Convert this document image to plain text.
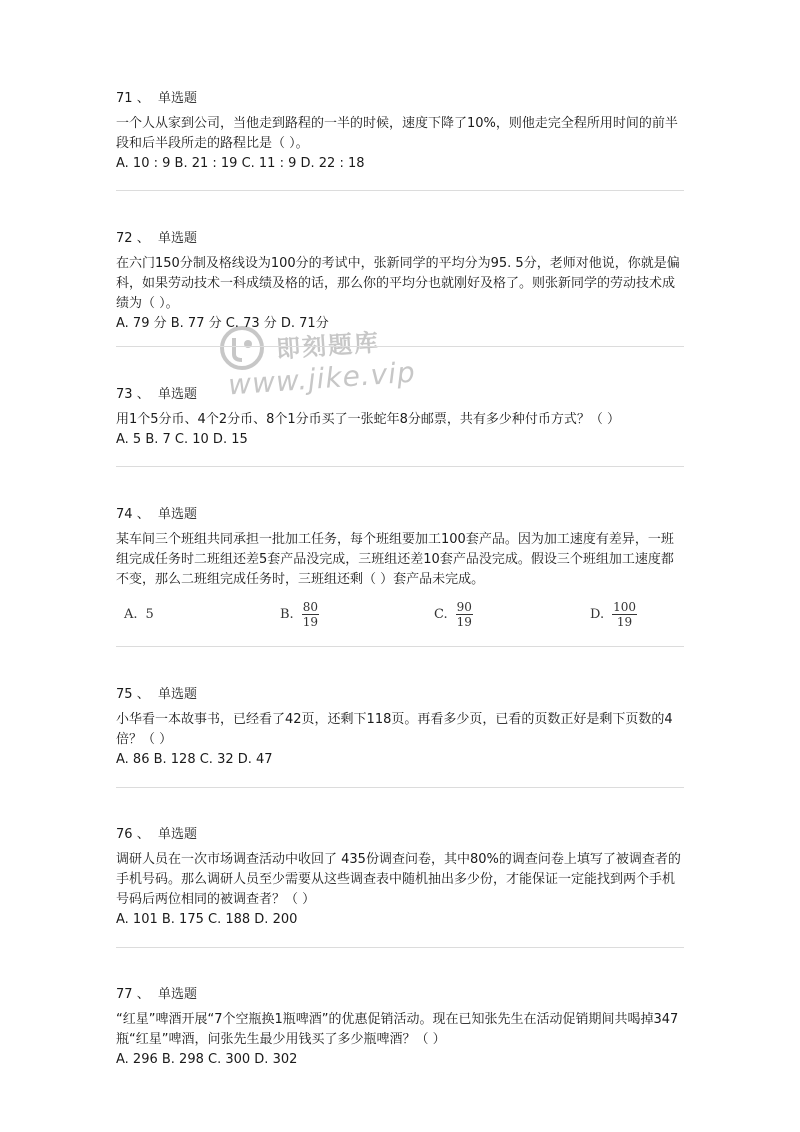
即刻题库
www.jike.vip
71 、 单选题

一个人从家到公司，当他走到路程的一半的时候，速度下降了10%，则他走完全程所用时间的前半段和后半段所走的路程比是（ ）。

A. 10 : 9 B. 21 : 19 C. 11 : 9 D. 22 : 18

72 、 单选题

在六门150分制及格线设为100分的考试中，张新同学的平均分为95. 5分，老师对他说，你就是偏科，如果劳动技术一科成绩及格的话，那么你的平均分也就刚好及格了。则张新同学的劳动技术成绩为（ ）。

A. 79 分 B. 77 分 C. 73 分 D. 71分

73 、 单选题

用1个5分币、4个2分币、8个1分币买了一张蛇年8分邮票，共有多少种付币方式？（ ）

A. 5 B. 7 C. 10 D. 15

74 、 单选题

某车间三个班组共同承担一批加工任务，每个班组要加工100套产品。因为加工速度有差异，一班组完成任务时二班组还差5套产品没完成，三班组还差10套产品没完成。假设三个班组加工速度都不变，那么二班组完成任务时，三班组还剩（ ）套产品未完成。

A. 5	B. $\frac{80}{19}$	C. $\frac{90}{19}$	D. $\frac{100}{19}$
75 、 单选题

小华看一本故事书，已经看了42页，还剩下118页。再看多少页，已看的页数正好是剩下页数的4倍？（ ）

A. 86 B. 128 C. 32 D. 47

76 、 单选题

调研人员在一次市场调查活动中收回了 435份调查问卷，其中80%的调查问卷上填写了被调查者的手机号码。那么调研人员至少需要从这些调查表中随机抽出多少份，才能保证一定能找到两个手机号码后两位相同的被调查者？（ ）

A. 101 B. 175 C. 188 D. 200

77 、 单选题

“红星”啤酒开展“7个空瓶换1瓶啤酒”的优惠促销活动。现在已知张先生在活动促销期间共喝掉347瓶“红星”啤酒，问张先生最少用钱买了多少瓶啤酒？（ ）

A. 296 B. 298 C. 300 D. 302
